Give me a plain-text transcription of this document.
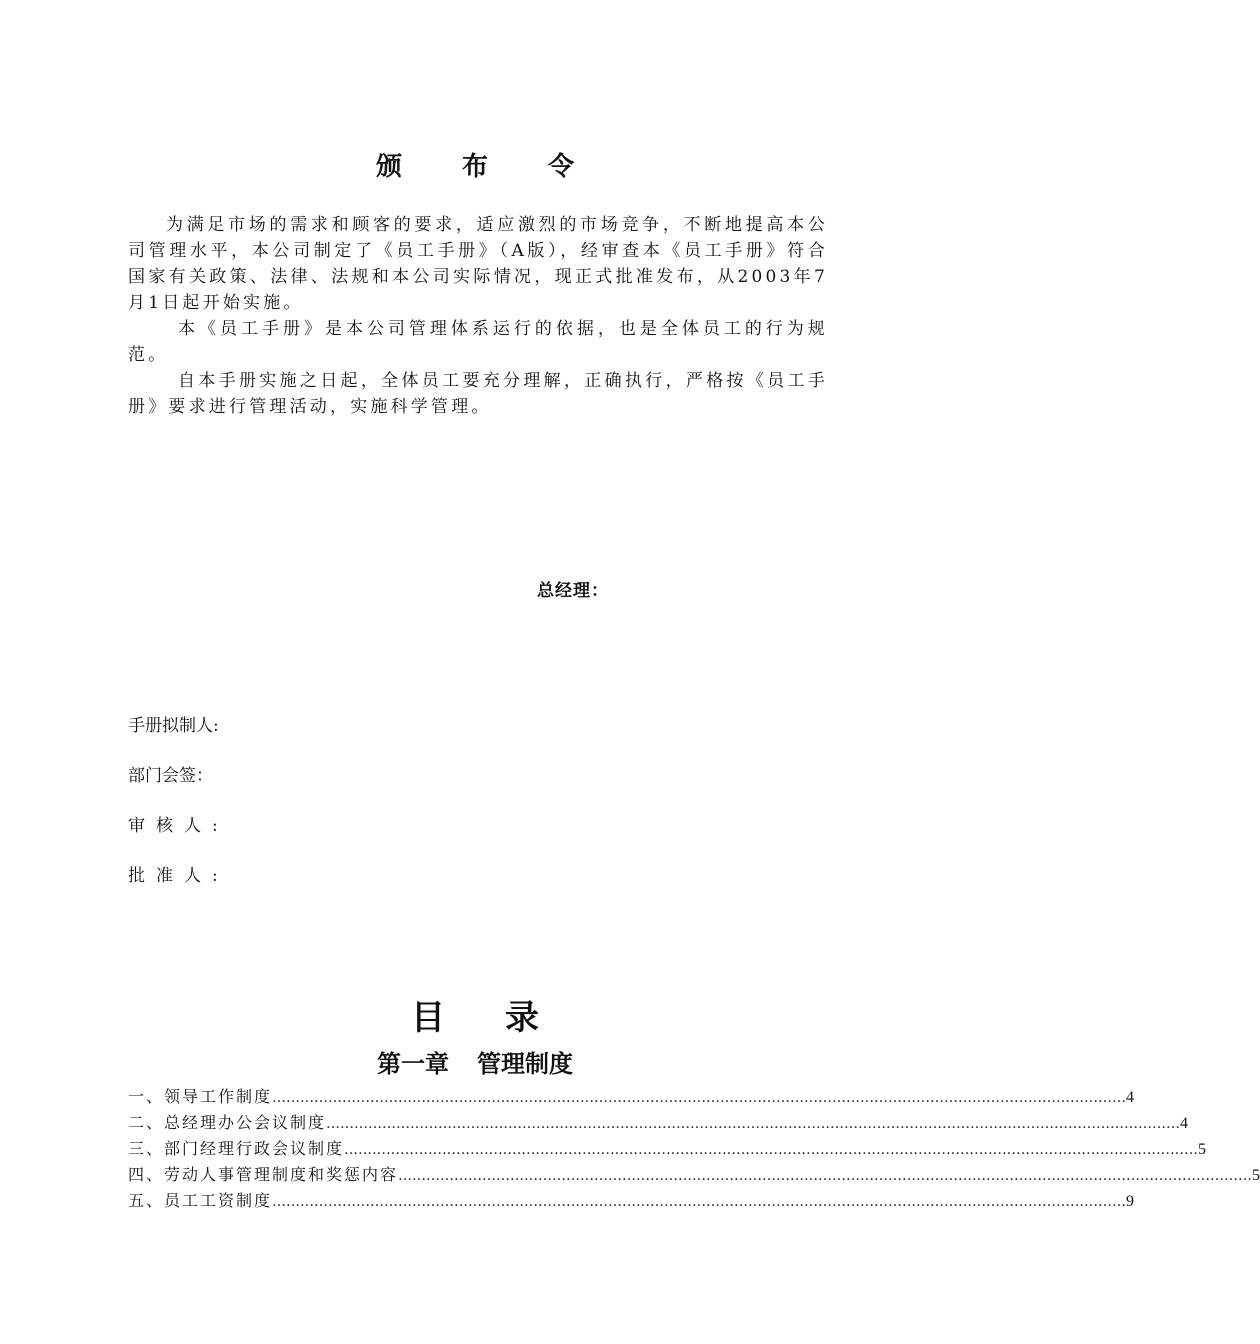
颁布令

为满足市场的需求和顾客的要求，适应激烈的市场竞争，不断地提高本公司管理水平，本公司制定了《员工手册》（A版），经审查本《员工手册》符合国家有关政策、法律、法规和本公司实际情况，现正式批准发布，从2003年7月1日起开始实施。

本《员工手册》是本公司管理体系运行的依据，也是全体员工的行为规范。

自本手册实施之日起，全体员工要充分理解，正确执行，严格按《员工手册》要求进行管理活动，实施科学管理。

总经理：
手册拟制人:
部门会签：
审核人:
批准人:
目录
第一章 管理制度
一、领导工作制度 ………………………………………………………………………………………………………………………………………………………………… 4
二、总经理办公会议制度 ………………………………………………………………………………………………………………………………………………………………… 4
三、部门经理行政会议制度 ………………………………………………………………………………………………………………………………………………………………… 5
四、劳动人事管理制度和奖惩内容 ………………………………………………………………………………………………………………………………………………………………… 5
五、员工工资制度 ………………………………………………………………………………………………………………………………………………………………… 9
